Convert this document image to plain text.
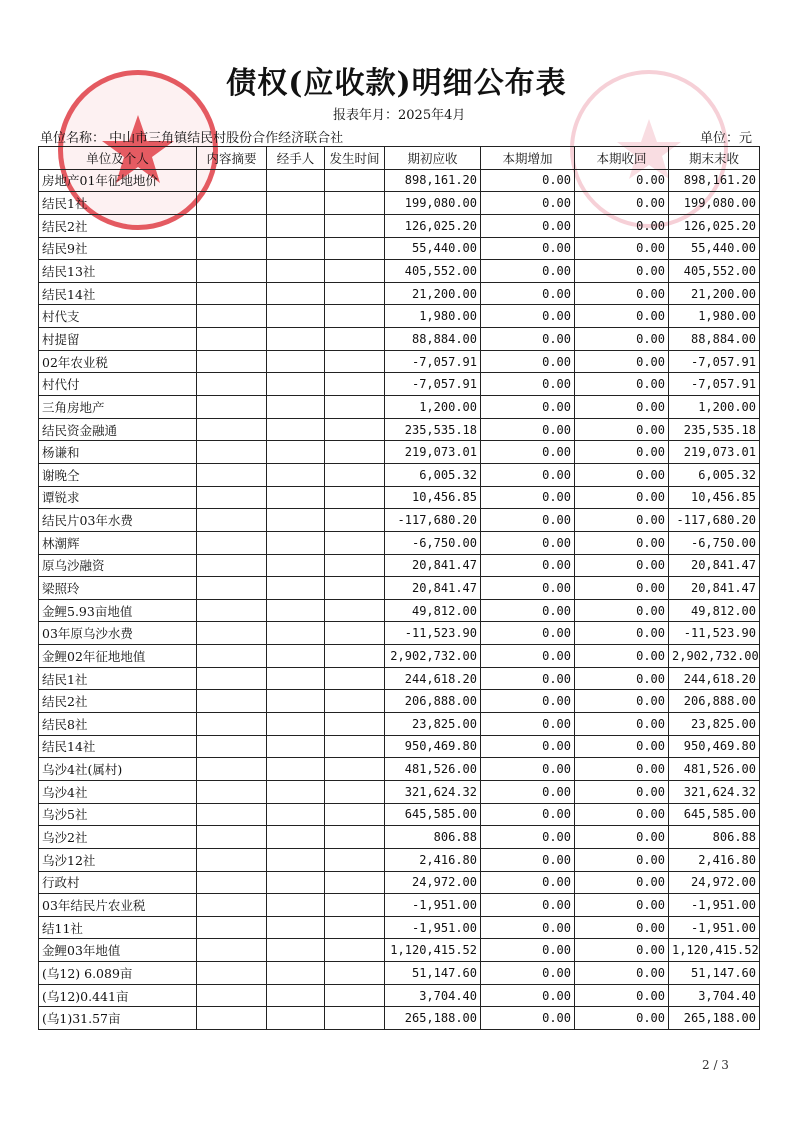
债权(应收款)明细公布表
报表年月：2025年4月
单位名称： 中山市三角镇结民村股份合作经济联合社	单位：元
单位及个人	内容摘要	经手人	发生时间	期初应收	本期增加	本期收回	期末末收
房地产01年征地地价				898,161.20	0.00	0.00	898,161.20
结民1社				199,080.00	0.00	0.00	199,080.00
结民2社				126,025.20	0.00	0.00	126,025.20
结民9社				55,440.00	0.00	0.00	55,440.00
结民13社				405,552.00	0.00	0.00	405,552.00
结民14社				21,200.00	0.00	0.00	21,200.00
村代支				1,980.00	0.00	0.00	1,980.00
村提留				88,884.00	0.00	0.00	88,884.00
02年农业税				-7,057.91	0.00	0.00	-7,057.91
村代付				-7,057.91	0.00	0.00	-7,057.91
三角房地产				1,200.00	0.00	0.00	1,200.00
结民资金融通				235,535.18	0.00	0.00	235,535.18
杨谦和				219,073.01	0.00	0.00	219,073.01
谢晚仝				6,005.32	0.00	0.00	6,005.32
谭锐求				10,456.85	0.00	0.00	10,456.85
结民片03年水费				-117,680.20	0.00	0.00	-117,680.20
林潮辉				-6,750.00	0.00	0.00	-6,750.00
原乌沙融资				20,841.47	0.00	0.00	20,841.47
梁照玲				20,841.47	0.00	0.00	20,841.47
金鲤5.93亩地值				49,812.00	0.00	0.00	49,812.00
03年原乌沙水费				-11,523.90	0.00	0.00	-11,523.90
金鲤02年征地地值				2,902,732.00	0.00	0.00	2,902,732.00
结民1社				244,618.20	0.00	0.00	244,618.20
结民2社				206,888.00	0.00	0.00	206,888.00
结民8社				23,825.00	0.00	0.00	23,825.00
结民14社				950,469.80	0.00	0.00	950,469.80
乌沙4社(属村)				481,526.00	0.00	0.00	481,526.00
乌沙4社				321,624.32	0.00	0.00	321,624.32
乌沙5社				645,585.00	0.00	0.00	645,585.00
乌沙2社				806.88	0.00	0.00	806.88
乌沙12社				2,416.80	0.00	0.00	2,416.80
行政村				24,972.00	0.00	0.00	24,972.00
03年结民片农业税				-1,951.00	0.00	0.00	-1,951.00
结11社				-1,951.00	0.00	0.00	-1,951.00
金鲤03年地值				1,120,415.52	0.00	0.00	1,120,415.52
(乌12) 6.089亩				51,147.60	0.00	0.00	51,147.60
(乌12)0.441亩				3,704.40	0.00	0.00	3,704.40
(乌1)31.57亩				265,188.00	0.00	0.00	265,188.00
2 / 3
